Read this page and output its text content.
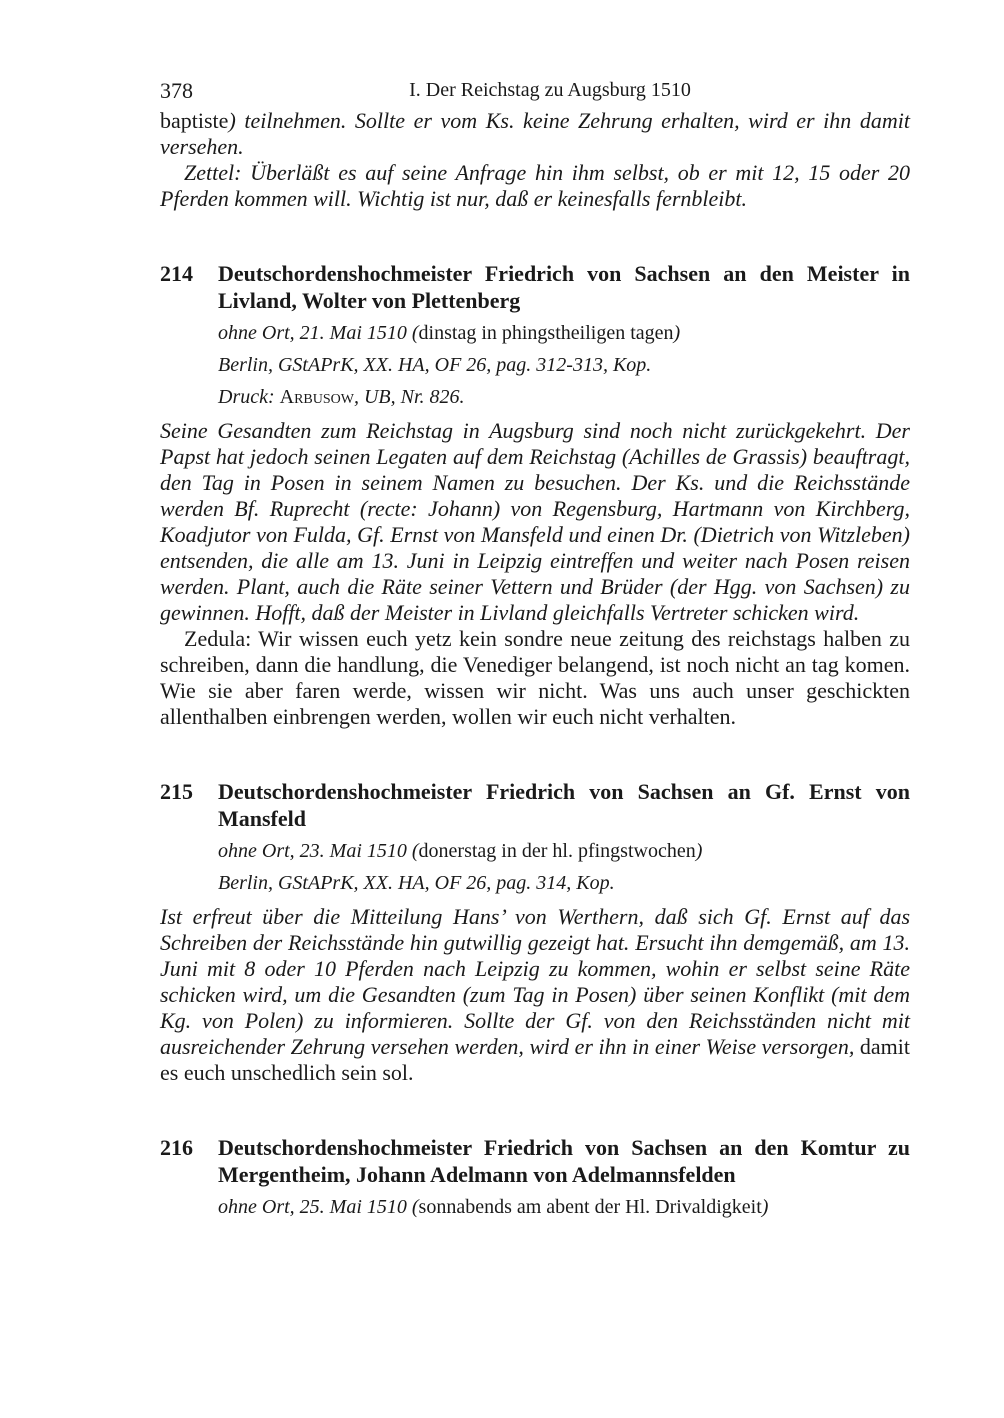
378	I. Der Reichstag zu Augsburg 1510

baptiste) teilnehmen. Sollte er vom Ks. keine Zehrung erhalten, wird er ihn damit versehen.

Zettel: Überläßt es auf seine Anfrage hin ihm selbst, ob er mit 12, 15 oder 20 Pferden kommen will. Wichtig ist nur, daß er keinesfalls fernbleibt.

214	Deutschordenshochmeister Friedrich von Sachsen an den Meister in Livland, Wolter von Plettenberg
ohne Ort, 21. Mai 1510 (dinstag in phingstheiligen tagen)
Berlin, GStAPrK, XX. HA, OF 26, pag. 312-313, Kop.
Druck: Arbusow, UB, Nr. 826.

Seine Gesandten zum Reichstag in Augsburg sind noch nicht zurückgekehrt. Der Papst hat jedoch seinen Legaten auf dem Reichstag (Achilles de Grassis) beauftragt, den Tag in Posen in seinem Namen zu besuchen. Der Ks. und die Reichsstände werden Bf. Ruprecht (recte: Johann) von Regensburg, Hartmann von Kirchberg, Koadjutor von Fulda, Gf. Ernst von Mansfeld und einen Dr. (Dietrich von Witzleben) entsenden, die alle am 13. Juni in Leipzig eintreffen und weiter nach Posen reisen werden. Plant, auch die Räte seiner Vettern und Brüder (der Hgg. von Sachsen) zu gewinnen. Hofft, daß der Meister in Livland gleichfalls Vertreter schicken wird.

Zedula: Wir wissen euch yetz kein sondre neue zeitung des reichstags halben zu schreiben, dann die handlung, die Venediger belangend, ist noch nicht an tag komen. Wie sie aber faren werde, wissen wir nicht. Was uns auch unser geschickten allenthalben einbrengen werden, wollen wir euch nicht verhalten.

215	Deutschordenshochmeister Friedrich von Sachsen an Gf. Ernst von Mansfeld
ohne Ort, 23. Mai 1510 (donerstag in der hl. pfingstwochen)
Berlin, GStAPrK, XX. HA, OF 26, pag. 314, Kop.

Ist erfreut über die Mitteilung Hans’ von Werthern, daß sich Gf. Ernst auf das Schreiben der Reichsstände hin gutwillig gezeigt hat. Ersucht ihn demgemäß, am 13. Juni mit 8 oder 10 Pferden nach Leipzig zu kommen, wohin er selbst seine Räte schicken wird, um die Gesandten (zum Tag in Posen) über seinen Konflikt (mit dem Kg. von Polen) zu informieren. Sollte der Gf. von den Reichsständen nicht mit ausreichender Zehrung versehen werden, wird er ihn in einer Weise versorgen, damit es euch unschedlich sein sol.

216	Deutschordenshochmeister Friedrich von Sachsen an den Komtur zu Mergentheim, Johann Adelmann von Adelmannsfelden
ohne Ort, 25. Mai 1510 (sonnabends am abent der Hl. Drivaldigkeit)
